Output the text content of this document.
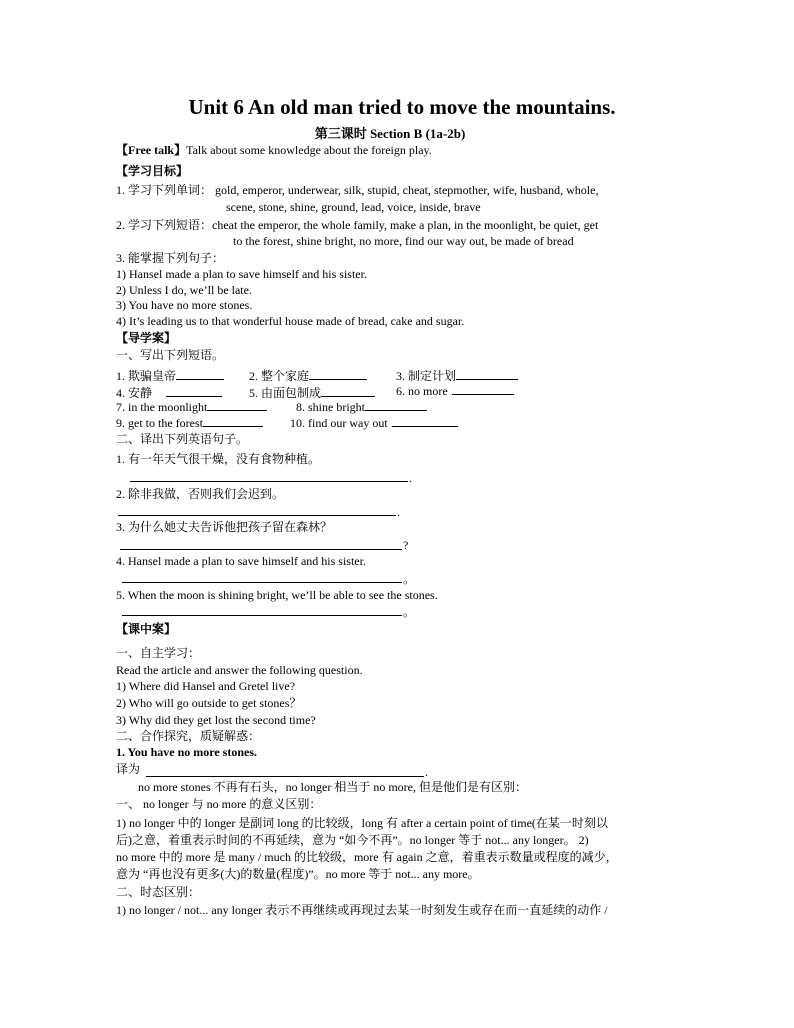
Unit 6 An old man tried to move the mountains.
第三课时 Section B (1a-2b)
【Free talk】Talk about some knowledge about the foreign play.
【学习目标】
1. 学习下列单词： gold, emperor, underwear, silk, stupid, cheat, stepmother, wife, husband, whole,
scene, stone, shine, ground, lead, voice, inside, brave
2. 学习下列短语：cheat the emperor, the whole family, make a plan, in the moonlight, be quiet, get
to the forest, shine bright, no more, find our way out, be made of bread
3. 能掌握下列句子：
1) Hansel made a plan to save himself and his sister.
2) Unless I do, we’ll be late.
3) You have no more stones.
4) It’s leading us to that wonderful house made of bread, cake and sugar.
【导学案】
一、写出下列短语。
1. 欺骗皇帝	2. 整个家庭	3. 制定计划
4. 安静	5. 由面包制成	6. no more
7. in the moonlight	8. shine bright
9. get to the forest	10. find our way out
二、译出下列英语句子。
1. 有一年天气很干燥，没有食物种植。
.
2. 除非我做，否则我们会迟到。
.
3. 为什么她丈夫告诉他把孩子留在森林？
?
4. Hansel made a plan to save himself and his sister.
。
5. When the moon is shining bright, we’ll be able to see the stones.
。
【课中案】
一、自主学习：
Read the article and answer the following question.
1) Where did Hansel and Gretel live?
2) Who will go outside to get stones？
3) Why did they get lost the second time?
二、合作探究，质疑解惑：
1. You have no more stones.
译为	.
no more stones 不再有石头，no longer 相当于 no more, 但是他们是有区别：
一、 no longer 与 no more 的意义区别：
1) no longer 中的 longer 是副词 long 的比较级，long 有 after a certain point of time(在某一时刻以
后)之意，着重表示时间的不再延续，意为 “如今不再”。no longer 等于 not... any longer。 2)
no more 中的 more 是 many / much 的比较级，more 有 again 之意，着重表示数量或程度的减少，
意为 “再也没有更多(大)的数量(程度)”。no more 等于 not... any more。
二、时态区别：
1) no longer / not... any longer 表示不再继续或再现过去某一时刻发生或存在而一直延续的动作 /
